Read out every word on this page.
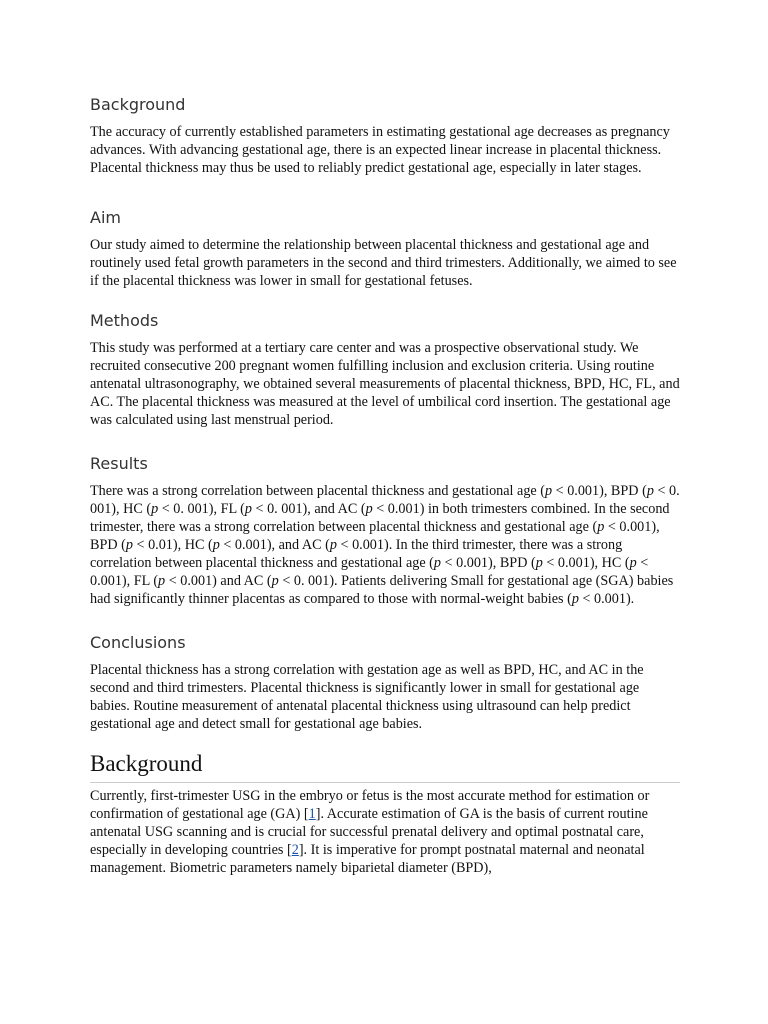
Background

The accuracy of currently established parameters in estimating gestational age decreases as pregnancy advances. With advancing gestational age, there is an expected linear increase in placental thickness. Placental thickness may thus be used to reliably predict gestational age, especially in later stages.

Aim

Our study aimed to determine the relationship between placental thickness and gestational age and routinely used fetal growth parameters in the second and third trimesters. Additionally, we aimed to see if the placental thickness was lower in small for gestational fetuses.

Methods

This study was performed at a tertiary care center and was a prospective observational study. We recruited consecutive 200 pregnant women fulfilling inclusion and exclusion criteria. Using routine antenatal ultrasonography, we obtained several measurements of placental thickness, BPD, HC, FL, and AC. The placental thickness was measured at the level of umbilical cord insertion. The gestational age was calculated using last menstrual period.

Results

There was a strong correlation between placental thickness and gestational age (p < 0.001), BPD (p < 0. 001), HC (p < 0. 001), FL (p < 0. 001), and AC (p < 0.001) in both trimesters combined. In the second trimester, there was a strong correlation between placental thickness and gestational age (p < 0.001), BPD (p < 0.01), HC (p < 0.001), and AC (p < 0.001). In the third trimester, there was a strong correlation between placental thickness and gestational age (p < 0.001), BPD (p < 0.001), HC (p < 0.001), FL (p < 0.001) and AC (p < 0. 001). Patients delivering Small for gestational age (SGA) babies had significantly thinner placentas as compared to those with normal-weight babies (p < 0.001).

Conclusions

Placental thickness has a strong correlation with gestation age as well as BPD, HC, and AC in the second and third trimesters. Placental thickness is significantly lower in small for gestational age babies. Routine measurement of antenatal placental thickness using ultrasound can help predict gestational age and detect small for gestational age babies.

Background

Currently, first-trimester USG in the embryo or fetus is the most accurate method for estimation or confirmation of gestational age (GA) [1]. Accurate estimation of GA is the basis of current routine antenatal USG scanning and is crucial for successful prenatal delivery and optimal postnatal care, especially in developing countries [2]. It is imperative for prompt postnatal maternal and neonatal management. Biometric parameters namely biparietal diameter (BPD),
